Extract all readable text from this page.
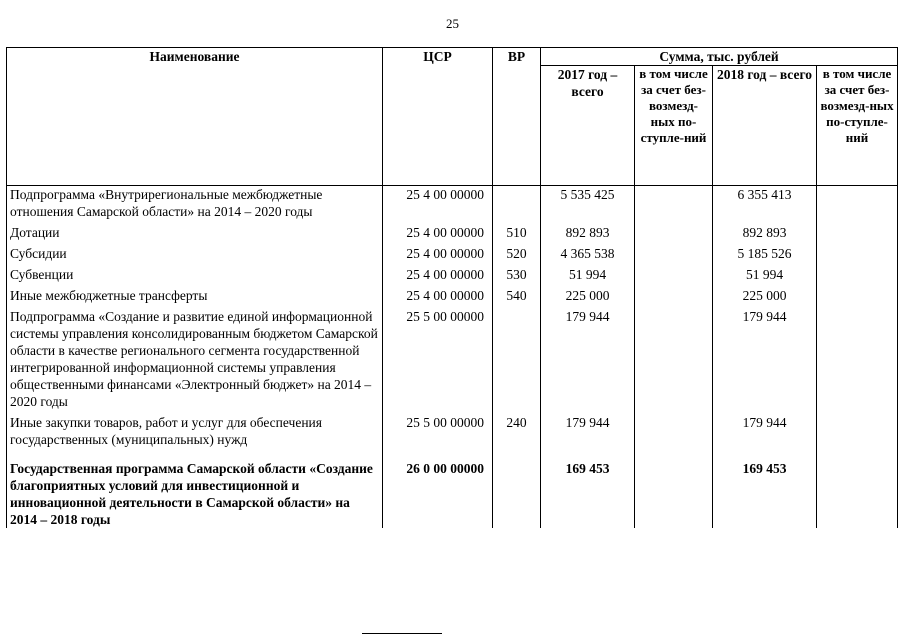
25
Наименование	ЦСР	ВР	Сумма, тыс. рублей			
			2017 год – всего	в том числе за счет без-возмезд-ных по-ступле-ний	2018 год – всего	в том числе за счет без-возмезд-ных по-ступле-ний
Подпрограмма «Внутрирегиональные межбюджетные отношения Самарской области» на 2014 – 2020 годы	25 4 00 00000		5 535 425		6 355 413	

Дотации	25 4 00 00000	510	892 893		892 893	

Субсидии	25 4 00 00000	520	4 365 538		5 185 526	

Субвенции	25 4 00 00000	530	51 994		51 994	

Иные межбюджетные трансферты	25 4 00 00000	540	225 000		225 000	

Подпрограмма «Создание и развитие единой информационной системы управления консолидированным бюджетом Самарской области в качестве регионального сегмента государственной интегрированной информационной системы управления общественными финансами «Электронный бюджет» на 2014 – 2020 годы	25 5 00 00000		179 944		179 944	

Иные закупки товаров, работ и услуг для обеспечения государственных (муниципальных) нужд	25 5 00 00000	240	179 944		179 944	
Государственная программа Самарской области «Создание благоприятных условий для инвестиционной и инновационной деятельности в Самарской области» на 2014 – 2018 годы	26 0 00 00000		169 453		169 453	
